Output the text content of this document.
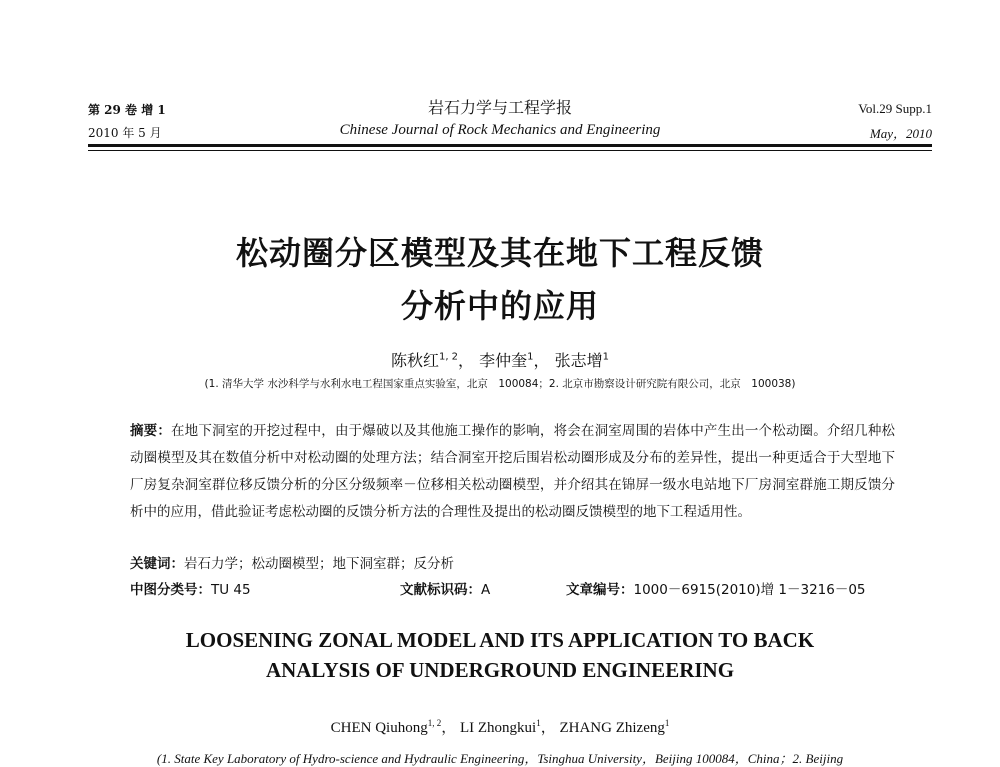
第 29 卷 增 1
2010 年 5 月
岩石力学与工程学报
Chinese Journal of Rock Mechanics and Engineering
Vol.29 Supp.1
May，2010
松动圈分区模型及其在地下工程反馈
分析中的应用
陈秋红$^{1, 2}$， 李仲奎$^1$， 张志增$^1$
(1. 清华大学 水沙科学与水利水电工程国家重点实验室，北京　100084；2. 北京市勘察设计研究院有限公司，北京　100038)
摘要：在地下洞室的开挖过程中，由于爆破以及其他施工操作的影响，将会在洞室周围的岩体中产生出一个松动圈。介绍几种松动圈模型及其在数值分析中对松动圈的处理方法；结合洞室开挖后围岩松动圈形成及分布的差异性，提出一种更适合于大型地下厂房复杂洞室群位移反馈分析的分区分级频率－位移相关松动圈模型，并介绍其在锦屏一级水电站地下厂房洞室群施工期反馈分析中的应用，借此验证考虑松动圈的反馈分析方法的合理性及提出的松动圈反馈模型的地下工程适用性。
关键词：岩石力学；松动圈模型；地下洞室群；反分析
中图分类号：TU 45	文献标识码：A	文章编号：1000－6915(2010)增 1－3216－05
LOOSENING ZONAL MODEL AND ITS APPLICATION TO BACK
ANALYSIS OF UNDERGROUND ENGINEERING
CHEN Qiuhong$^{1, 2}$， LI Zhongkui$^1$， ZHANG Zhizeng$^1$
(1. State Key Laboratory of Hydro-science and Hydraulic Engineering，Tsinghua University，Beijing 100084，China；2. Beijing
